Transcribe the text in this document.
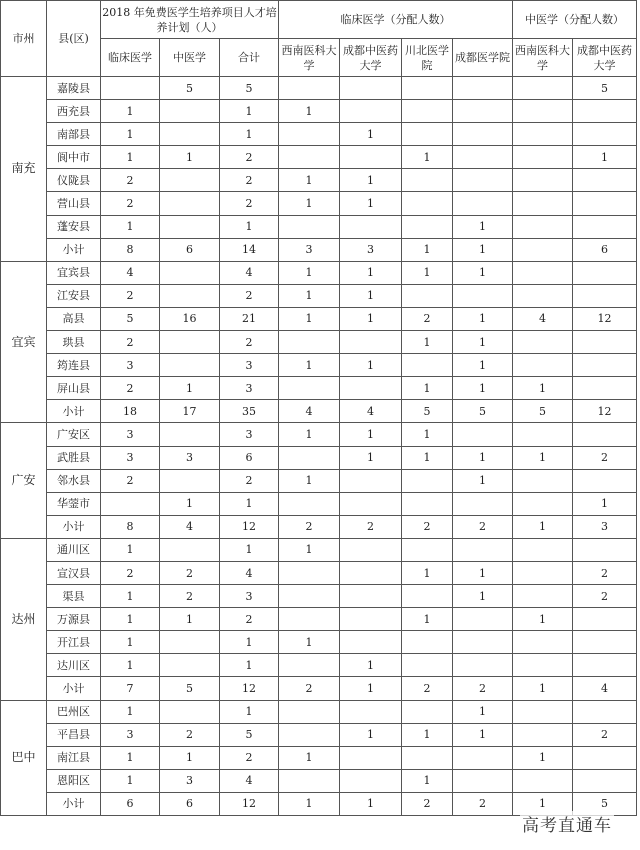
市州	县(区)	2018 年免费医学生培养项目人才培养计划（人）			临床医学（分配人数）				中医学（分配人数）	
		临床医学	中医学	合计	西南医科大学	成都中医药大学	川北医学院	成都医学院	西南医科大学	成都中医药大学
南充	嘉陵县		5	5						5
	西充县	1		1	1					
	南部县	1		1		1				
	阆中市	1	1	2			1			1
	仪陇县	2		2	1	1				
	营山县	2		2	1	1				
	蓬安县	1		1				1		
	小计	8	6	14	3	3	1	1		6
宜宾	宜宾县	4		4	1	1	1	1		
	江安县	2		2	1	1				
	高县	5	16	21	1	1	2	1	4	12
	珙县	2		2			1	1		
	筠连县	3		3	1	1		1		
	屏山县	2	1	3			1	1	1	
	小计	18	17	35	4	4	5	5	5	12
广安	广安区	3		3	1	1	1			
	武胜县	3	3	6		1	1	1	1	2
	邻水县	2		2	1			1		
	华蓥市		1	1						1
	小计	8	4	12	2	2	2	2	1	3
达州	通川区	1		1	1					
	宣汉县	2	2	4			1	1		2
	渠县	1	2	3				1		2
	万源县	1	1	2			1		1	
	开江县	1		1	1					
	达川区	1		1		1				
	小计	7	5	12	2	1	2	2	1	4
巴中	巴州区	1		1				1		
	平昌县	3	2	5		1	1	1		2
	南江县	1	1	2	1				1	
	恩阳区	1	3	4			1			
	小计	6	6	12	1	1	2	2	1	5
高考直通车
